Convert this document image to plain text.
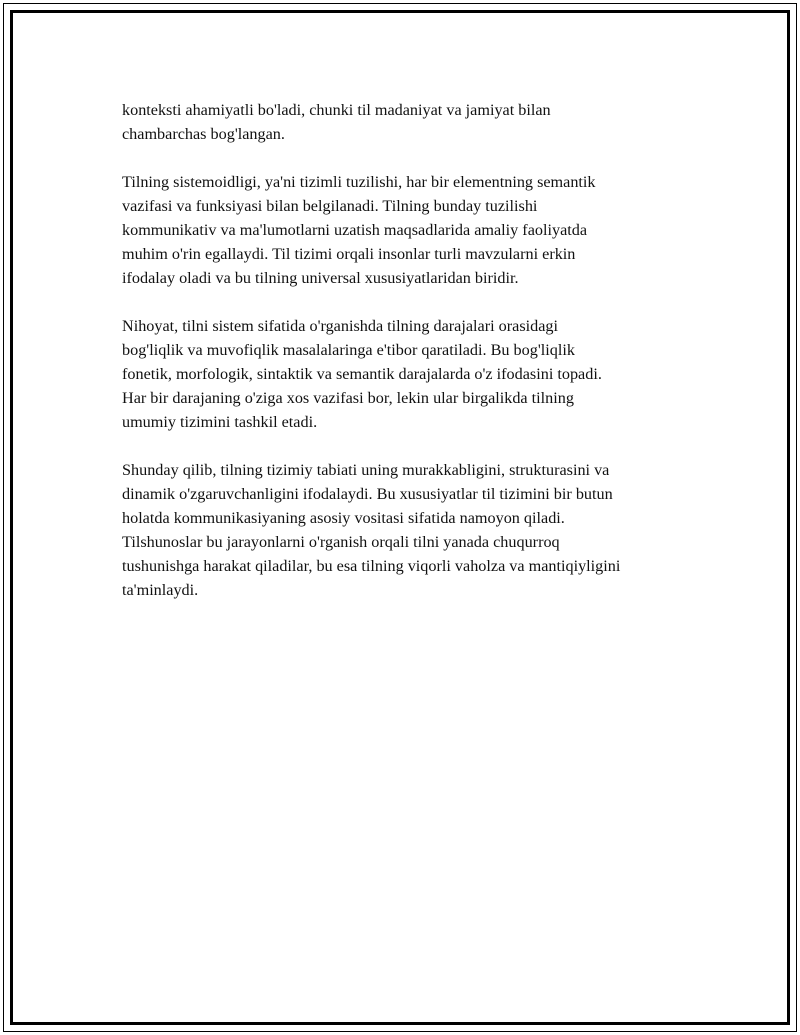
konteksti ahamiyatli bo'ladi, chunki til madaniyat va jamiyat bilan
chambarchas bog'langan.

Tilning sistemoidligi, ya'ni tizimli tuzilishi, har bir elementning semantik
vazifasi va funksiyasi bilan belgilanadi. Tilning bunday tuzilishi
kommunikativ va ma'lumotlarni uzatish maqsadlarida amaliy faoliyatda
muhim o'rin egallaydi. Til tizimi orqali insonlar turli mavzularni erkin
ifodalay oladi va bu tilning universal xususiyatlaridan biridir.

Nihoyat, tilni sistem sifatida o'rganishda tilning darajalari orasidagi
bog'liqlik va muvofiqlik masalalaringa e'tibor qaratiladi. Bu bog'liqlik
fonetik, morfologik, sintaktik va semantik darajalarda o'z ifodasini topadi.
Har bir darajaning o'ziga xos vazifasi bor, lekin ular birgalikda tilning
umumiy tizimini tashkil etadi.

Shunday qilib, tilning tizimiy tabiati uning murakkabligini, strukturasini va
dinamik o'zgaruvchanligini ifodalaydi. Bu xususiyatlar til tizimini bir butun
holatda kommunikasiyaning asosiy vositasi sifatida namoyon qiladi.
Tilshunoslar bu jarayonlarni o'rganish orqali tilni yanada chuqurroq
tushunishga harakat qiladilar, bu esa tilning viqorli vaholza va mantiqiyligini
ta'minlaydi.
